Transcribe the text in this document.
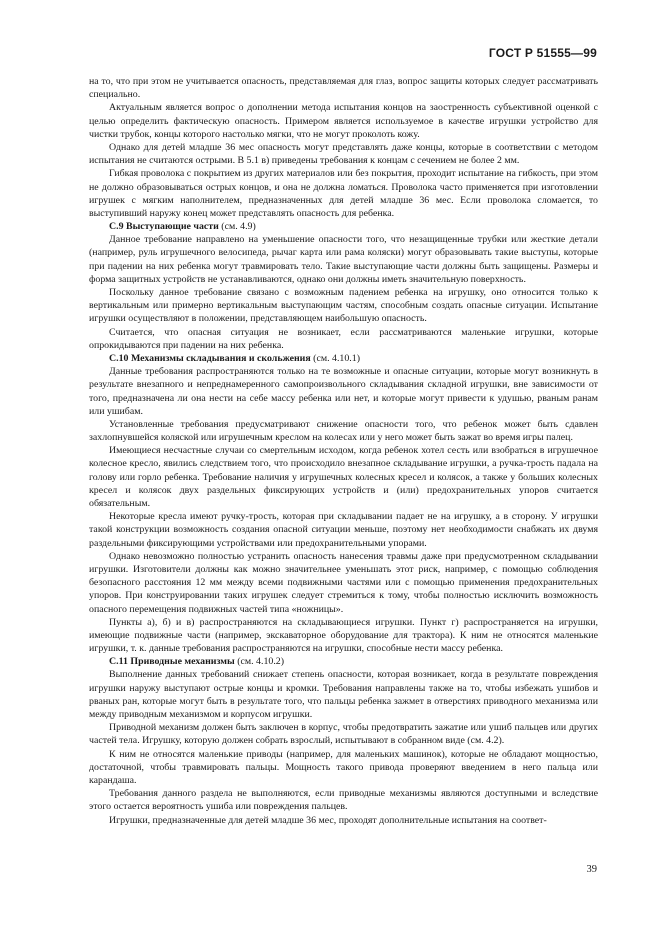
ГОСТ Р 51555—99

на то, что при этом не учитывается опасность, представляемая для глаз, вопрос защиты которых следует рассматривать специально.

Актуальным является вопрос о дополнении метода испытания концов на заостренность субъективной оценкой с целью определить фактическую опасность. Примером является используемое в качестве игрушки устройство для чистки трубок, концы которого настолько мягки, что не могут проколоть кожу.

Однако для детей младше 36 мес опасность могут представлять даже концы, которые в соответствии с методом испытания не считаются острыми. В 5.1 в) приведены требования к концам с сечением не более 2 мм.

Гибкая проволока с покрытием из других материалов или без покрытия, проходит испытание на гибкость, при этом не должно образовываться острых концов, и она не должна ломаться. Проволока часто применяется при изготовлении игрушек с мягким наполнителем, предназначенных для детей младше 36 мес. Если проволока сломается, то выступивший наружу конец может представлять опасность для ребенка.

С.9 Выступающие части (см. 4.9)

Данное требование направлено на уменьшение опасности того, что незащищенные трубки или жесткие детали (например, руль игрушечного велосипеда, рычаг карта или рама коляски) могут образовывать такие выступы, которые при падении на них ребенка могут травмировать тело. Такие выступающие части должны быть защищены. Размеры и форма защитных устройств не устанавливаются, однако они должны иметь значительную поверхность.

Поскольку данное требование связано с возможным падением ребенка на игрушку, оно относится только к вертикальным или примерно вертикальным выступающим частям, способным создать опасные ситуации. Испытание игрушки осуществляют в положении, представляющем наибольшую опасность.

Считается, что опасная ситуация не возникает, если рассматриваются маленькие игрушки, которые опрокидываются при падении на них ребенка.

С.10 Механизмы складывания и скольжения (см. 4.10.1)

Данные требования распространяются только на те возможные и опасные ситуации, которые могут возникнуть в результате внезапного и непреднамеренного самопроизвольного складывания складной игрушки, вне зависимости от того, предназначена ли она нести на себе массу ребенка или нет, и которые могут привести к удушью, рваным ранам или ушибам.

Установленные требования предусматривают снижение опасности того, что ребенок может быть сдавлен захлопнувшейся коляской или игрушечным креслом на колесах или у него может быть зажат во время игры палец.

Имеющиеся несчастные случаи со смертельным исходом, когда ребенок хотел сесть или взобраться в игрушечное колесное кресло, явились следствием того, что происходило внезапное складывание игрушки, а ручка-трость падала на голову или горло ребенка. Требование наличия у игрушечных колесных кресел и колясок, а также у больших колесных кресел и колясок двух раздельных фиксирующих устройств и (или) предохранительных упоров считается обязательным.

Некоторые кресла имеют ручку-трость, которая при складывании падает не на игрушку, а в сторону. У игрушки такой конструкции возможность создания опасной ситуации меньше, поэтому нет необходимости снабжать их двумя раздельными фиксирующими устройствами или предохранительными упорами.

Однако невозможно полностью устранить опасность нанесения травмы даже при предусмотренном складывании игрушки. Изготовители должны как можно значительнее уменьшать этот риск, например, с помощью соблюдения безопасного расстояния 12 мм между всеми подвижными частями или с помощью применения предохранительных упоров. При конструировании таких игрушек следует стремиться к тому, чтобы полностью исключить возможность опасного перемещения подвижных частей типа «ножницы».

Пункты а), б) и в) распространяются на складывающиеся игрушки. Пункт г) распространяется на игрушки, имеющие подвижные части (например, экскаваторное оборудование для трактора). К ним не относятся маленькие игрушки, т. к. данные требования распространяются на игрушки, способные нести массу ребенка.

С.11 Приводные механизмы (см. 4.10.2)

Выполнение данных требований снижает степень опасности, которая возникает, когда в результате повреждения игрушки наружу выступают острые концы и кромки. Требования направлены также на то, чтобы избежать ушибов и рваных ран, которые могут быть в результате того, что пальцы ребенка зажмет в отверстиях приводного механизма или между приводным механизмом и корпусом игрушки.

Приводной механизм должен быть заключен в корпус, чтобы предотвратить зажатие или ушиб пальцев или других частей тела. Игрушку, которую должен собрать взрослый, испытывают в собранном виде (см. 4.2).

К ним не относятся маленькие приводы (например, для маленьких машинок), которые не обладают мощностью, достаточной, чтобы травмировать пальцы. Мощность такого привода проверяют введением в него пальца или карандаша.

Требования данного раздела не выполняются, если приводные механизмы являются доступными и вследствие этого остается вероятность ушиба или повреждения пальцев.

Игрушки, предназначенные для детей младше 36 мес, проходят дополнительные испытания на соответ-

39
